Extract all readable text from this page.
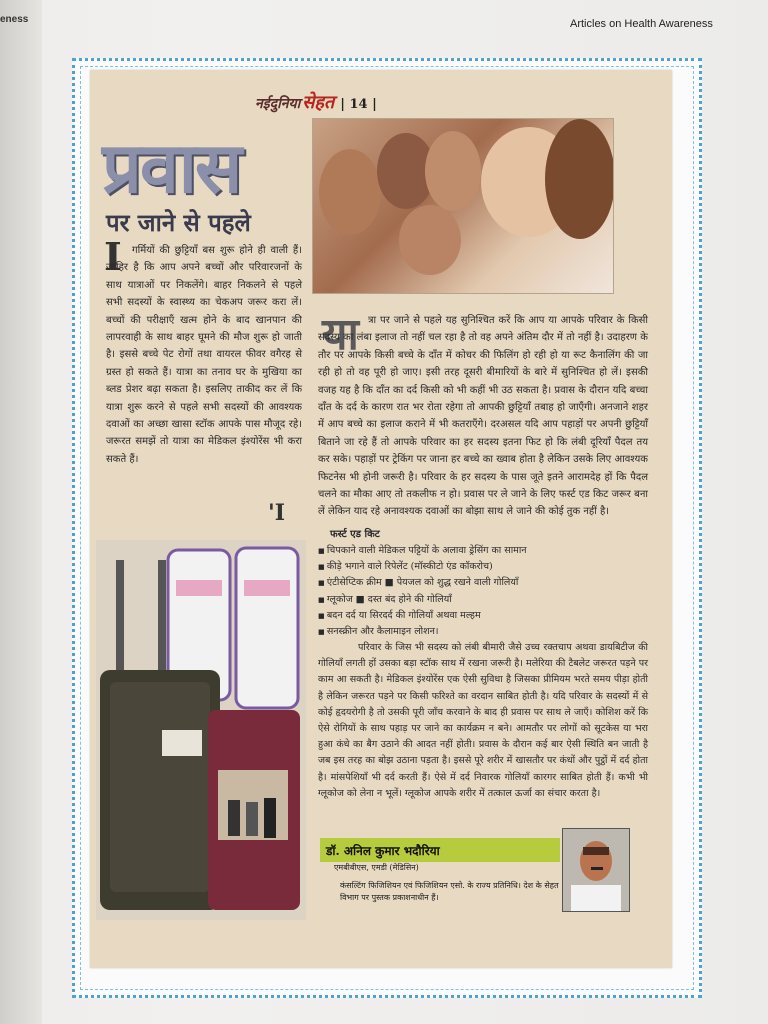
eness	Articles on Health Awareness
नईदुनिया सेहत | 14 |
प्रवास
पर जाने से पहले
I	गर्मियों की छुट्टियाँ बस शुरू होने ही वाली हैं। जाहिर है कि आप अपने बच्चों और परिवारजनों के साथ यात्राओं पर निकलेंगे। बाहर निकलने से पहले सभी सदस्यों के स्वास्थ्य का चेकअप जरूर करा लें। बच्चों की परीक्षाएँ खत्म होने के बाद खानपान की लापरवाही के साथ बाहर घूमने की मौज शुरू हो जाती है। इससे बच्चे पेट रोगों तथा वायरल फीवर वगैरह से ग्रस्त हो सकते हैं। यात्रा का तनाव घर के मुखिया का ब्लड प्रेशर बढ़ा सकता है। इसलिए ताकीद कर लें कि यात्रा शुरू करने से पहले सभी सदस्यों की आवश्यक दवाओं का अच्छा खासा स्टॉक आपके पास मौजूद रहे। जरूरत समझें तो यात्रा का मेडिकल इंश्योरेंस भी करा सकते हैं।

'I
या त्रा पर जाने से पहले यह सुनिश्चित करें कि आप या आपके परिवार के किसी सदस्य का लंबा इलाज तो नहीं चल रहा है तो वह अपने अंतिम दौर में तो नहीं है। उदाहरण के तौर पर आपके किसी बच्चे के दाँत में कोचर की फिलिंग हो रही हो या रूट कैनालिंग की जा रही हो तो वह पूरी हो जाए। इसी तरह दूसरी बीमारियों के बारे में सुनिश्चित हो लें। इसकी वजह यह है कि दाँत का दर्द किसी को भी कहीं भी उठ सकता है। प्रवास के दौरान यदि बच्चा दाँत के दर्द के कारण रात भर रोता रहेगा तो आपकी छुट्टियाँ तबाह हो जाएँगी। अनजाने शहर में आप बच्चे का इलाज कराने में भी कतराएँगे। दरअसल यदि आप पहाड़ों पर अपनी छुट्टियाँ बिताने जा रहे हैं तो आपके परिवार का हर सदस्य इतना फिट हो कि लंबी दूरियाँ पैदल तय कर सके। पहाड़ों पर ट्रेकिंग पर जाना हर बच्चे का ख्वाब होता है लेकिन उसके लिए आवश्यक फिटनेस भी होनी जरूरी है। परिवार के हर सदस्य के पास जूते इतने आरामदेह हों कि पैदल चलने का मौका आए तो तकलीफ न हो। प्रवास पर ले जाने के लिए फर्स्ट एड किट जरूर बना लें लेकिन याद रहे अनावश्यक दवाओं का बोझा साथ ले जाने की कोई तुक नहीं है।

फर्स्ट एड किट
■ चिपकाने वाली मेडिकल पट्टियों के अलावा ड्रेसिंग का सामान
■ कीड़े भगाने वाले रिपेलेंट (मॉस्कीटो एंड कॉकरोच)
■ एंटीसेप्टिक क्रीम ■ पेयजल को शुद्ध रखने वाली गोलियाँ
■ ग्लूकोज ■ दस्त बंद होने की गोलियाँ
■ बदन दर्द या सिरदर्द की गोलियाँ अथवा मल्हम
■ सनस्क्रीन और कैलामाइन लोशन।

परिवार के जिस भी सदस्य को लंबी बीमारी जैसे उच्च रक्तचाप अथवा डायबिटीज की गोलियाँ लगती हों उसका बड़ा स्टॉक साथ में रखना जरूरी है। मलेरिया की टैबलेट जरूरत पड़ने पर काम आ सकती है। मेडिकल इंश्योरेंस एक ऐसी सुविधा है जिसका प्रीमियम भरते समय पीड़ा होती है लेकिन जरूरत पड़ने पर किसी फरिश्ते का वरदान साबित होती है। यदि परिवार के सदस्यों में से कोई हृदयरोगी है तो उसकी पूरी जाँच करवाने के बाद ही प्रवास पर साथ ले जाएँ। कोशिश करें कि ऐसे रोगियों के साथ पहाड़ पर जाने का कार्यक्रम न बने। आमतौर पर लोगों को सूटकेस या भरा हुआ कंधे का बैग उठाने की आदत नहीं होती। प्रवास के दौरान कई बार ऐसी स्थिति बन जाती है जब इस तरह का बोझ उठाना पड़ता है। इससे पूरे शरीर में खासतौर पर कंधों और पुट्ठों में दर्द होता है। मांसपेशियाँ भी दर्द करती हैं। ऐसे में दर्द निवारक गोलियाँ कारगर साबित होती हैं। कभी भी ग्लूकोज को लेना न भूलें। ग्लूकोज आपके शरीर में तत्काल ऊर्जा का संचार करता है।

डॉ. अनिल कुमार भदौरिया
एमबीबीएस, एमडी (मेडिसिन)
कंसल्टिंग फिजिशियन एवं फिजिशियन एसो. के राज्य प्रतिनिधि। देश के सेहत विभाग पर पुस्तक प्रकाशनाधीन हैं।
